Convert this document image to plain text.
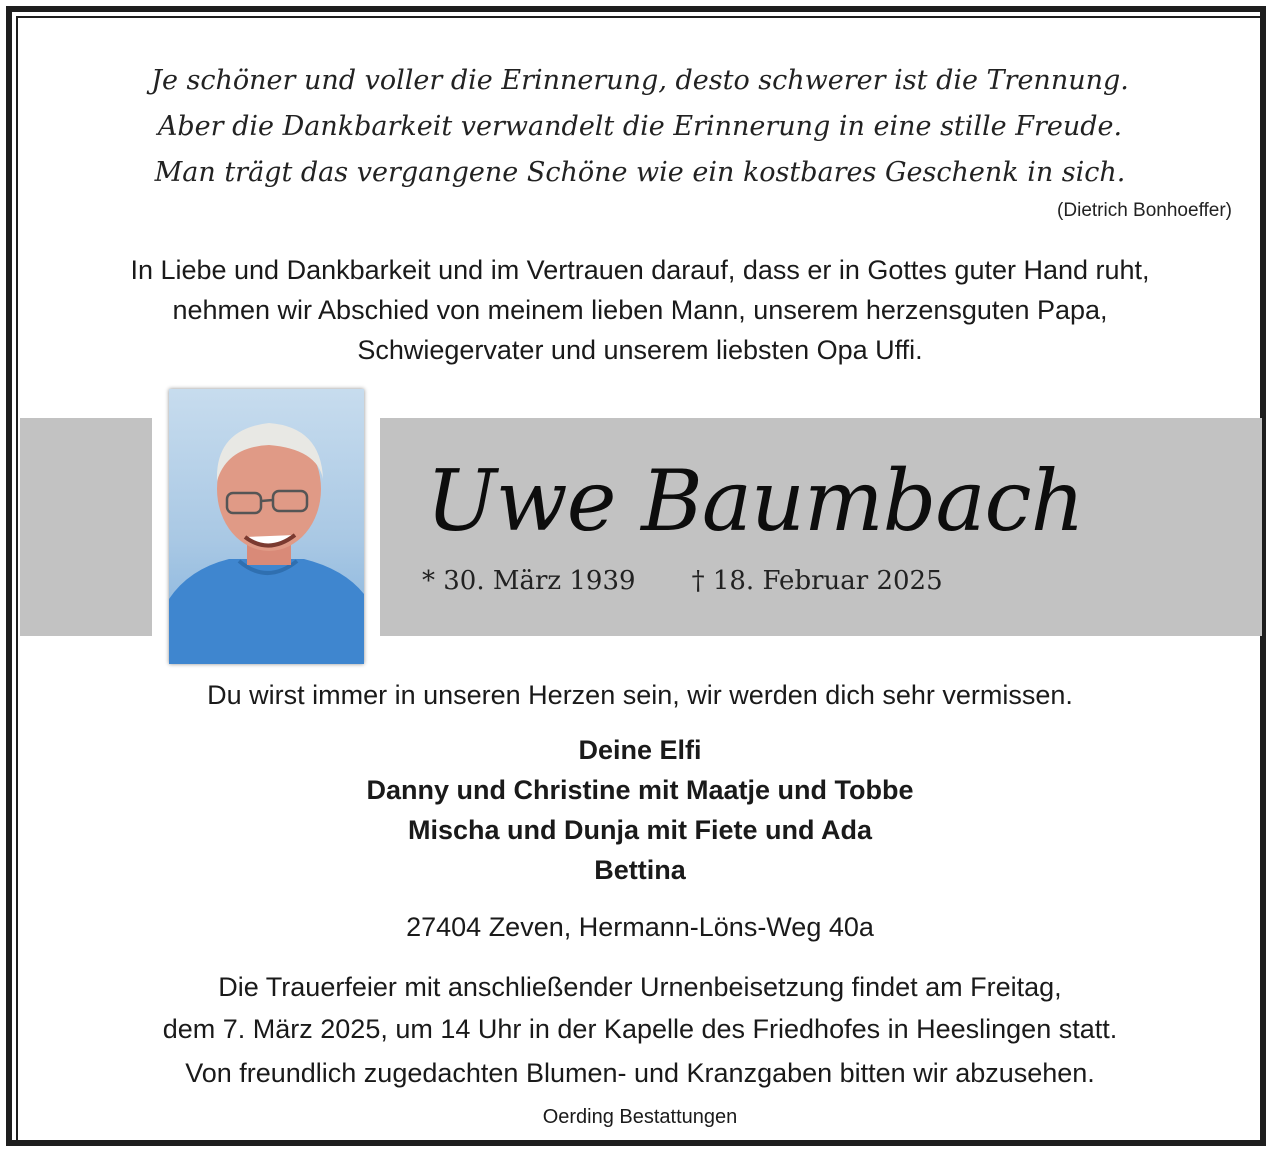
Je schöner und voller die Erinnerung, desto schwerer ist die Trennung.
Aber die Dankbarkeit verwandelt die Erinnerung in eine stille Freude.
Man trägt das vergangene Schöne wie ein kostbares Geschenk in sich.
(Dietrich Bonhoeffer)
In Liebe und Dankbarkeit und im Vertrauen darauf, dass er in Gottes guter Hand ruht,
nehmen wir Abschied von meinem lieben Mann, unserem herzensguten Papa,
Schwiegervater und unserem liebsten Opa Uffi.
Uwe Baumbach
* 30. März 1939 † 18. Februar 2025
Du wirst immer in unseren Herzen sein, wir werden dich sehr vermissen.
Deine Elfi
Danny und Christine mit Maatje und Tobbe
Mischa und Dunja mit Fiete und Ada
Bettina
27404 Zeven, Hermann-Löns-Weg 40a
Die Trauerfeier mit anschließender Urnenbeisetzung findet am Freitag,
dem 7. März 2025, um 14 Uhr in der Kapelle des Friedhofes in Heeslingen statt.
Von freundlich zugedachten Blumen- und Kranzgaben bitten wir abzusehen.
Oerding Bestattungen
